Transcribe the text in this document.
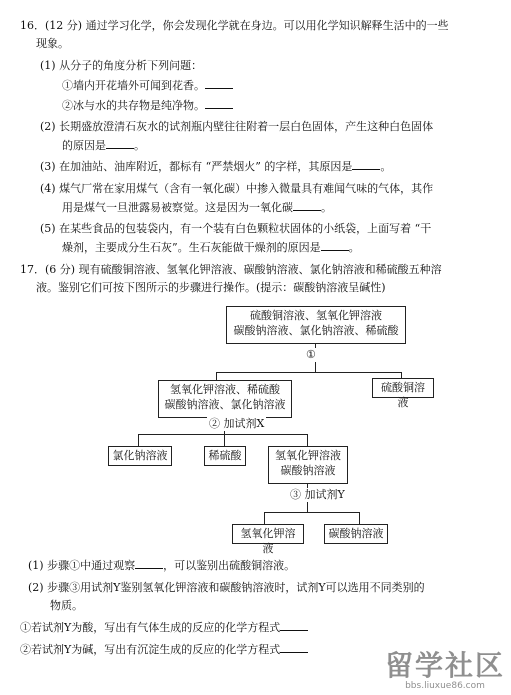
16．(12 分) 通过学习化学，你会发现化学就在身边。可以用化学知识解释生活中的一些
现象。
(1) 从分子的角度分析下列问题：
①墙内开花墙外可闻到花香。
②冰与水的共存物是纯净物。
(2) 长期盛放澄清石灰水的试剂瓶内壁往往附着一层白色固体，产生这种白色固体
的原因是	。
(3) 在加油站、油库附近，都标有 “严禁烟火” 的字样，其原因是	。
(4) 煤气厂常在家用煤气（含有一氧化碳）中掺入微量具有难闻气味的气体，其作
用是煤气一旦泄露易被察觉。这是因为一氧化碳	。
(5) 在某些食品的包装袋内，有一个装有白色颗粒状固体的小纸袋，上面写着 “干
燥剂，主要成分生石灰”。生石灰能做干燥剂的原因是	。
17．(6 分) 现有硫酸铜溶液、氢氧化钾溶液、碳酸钠溶液、氯化钠溶液和稀硫酸五种溶
液。鉴别它们可按下图所示的步骤进行操作。(提示：碳酸钠溶液呈碱性)
硫酸铜溶液、氢氧化钾溶液
碳酸钠溶液、氯化钠溶液、稀硫酸
①
氢氧化钾溶液、稀硫酸
碳酸钠溶液、氯化钠溶液
硫酸铜溶液
② 加试剂X
氯化钠溶液	稀硫酸	氢氧化钾溶液
碳酸钠溶液
③ 加试剂Y
氢氧化钾溶液
碳酸钠溶液
(1) 步骤①中通过观察	，可以鉴别出硫酸铜溶液。
(2) 步骤③用试剂Y鉴别氢氧化钾溶液和碳酸钠溶液时，试剂Y可以选用不同类别的
物质。
①若试剂Y为酸，写出有气体生成的反应的化学方程式
②若试剂Y为碱，写出有沉淀生成的反应的化学方程式	留学社区
bbs.liuxue86.com
